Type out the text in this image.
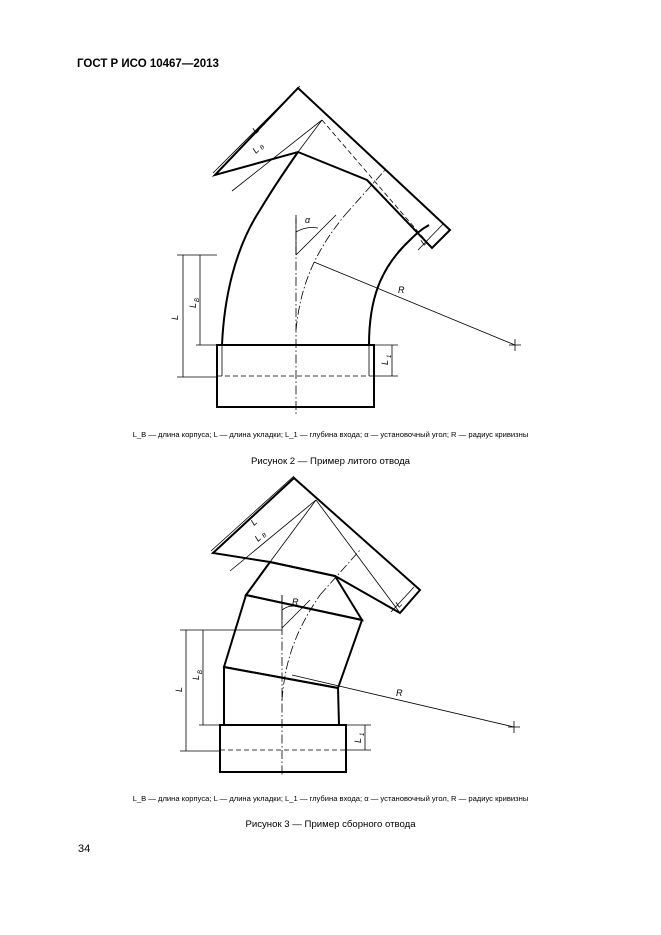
ГОСТ Р ИСО 10467—2013
α
R
L
L
B
L
1
L
L
B
L
L_B — длина корпуса; L — длина укладки; L_1 — глубина входа; α — установочный угол; R — радиус кривизны
Рисунок 2 — Пример литого отвода
R
R
L
L
B
L
1
L
L
B
L
L_B — длина корпуса; L — длина укладки; L_1 — глубина входа; α — установочный угол, R — радиус кривизны
Рисунок 3 — Пример сборного отвода
34
